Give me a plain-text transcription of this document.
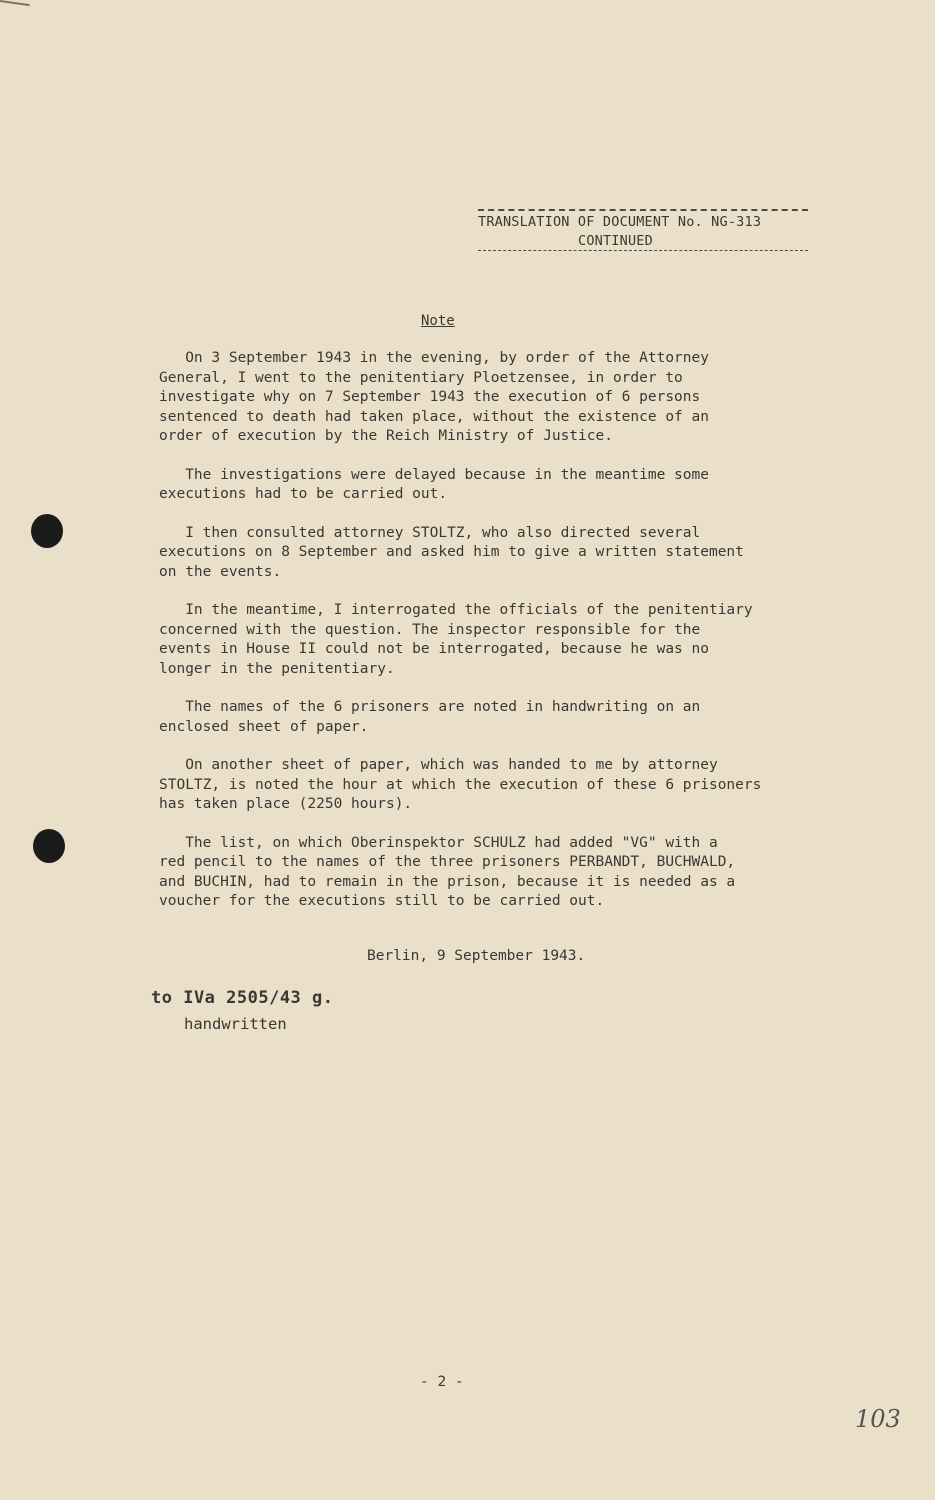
TRANSLATION OF DOCUMENT No. NG-313
CONTINUED
Note
On 3 September 1943 in the evening, by order of the Attorney
General, I went to the penitentiary Ploetzensee, in order to
investigate why on 7 September 1943 the execution of 6 persons
sentenced to death had taken place, without the existence of an
order of execution by the Reich Ministry of Justice.
The investigations were delayed because in the meantime some
executions had to be carried out.
I then consulted attorney STOLTZ, who also directed several
executions on 8 September and asked him to give a written statement
on the events.
In the meantime, I interrogated the officials of the penitentiary
concerned with the question. The inspector responsible for the
events in House II could not be interrogated, because he was no
longer in the penitentiary.
The names of the 6 prisoners are noted in handwriting on an
enclosed sheet of paper.
On another sheet of paper, which was handed to me by attorney
STOLTZ, is noted the hour at which the execution of these 6 prisoners
has taken place (2250 hours).
The list, on which Oberinspektor SCHULZ had added "VG" with a
red pencil to the names of the three prisoners PERBANDT, BUCHWALD,
and BUCHIN, had to remain in the prison, because it is needed as a
voucher for the executions still to be carried out.
Berlin, 9 September 1943.
to IVa 2505/43 g.
handwritten
- 2 -
103
